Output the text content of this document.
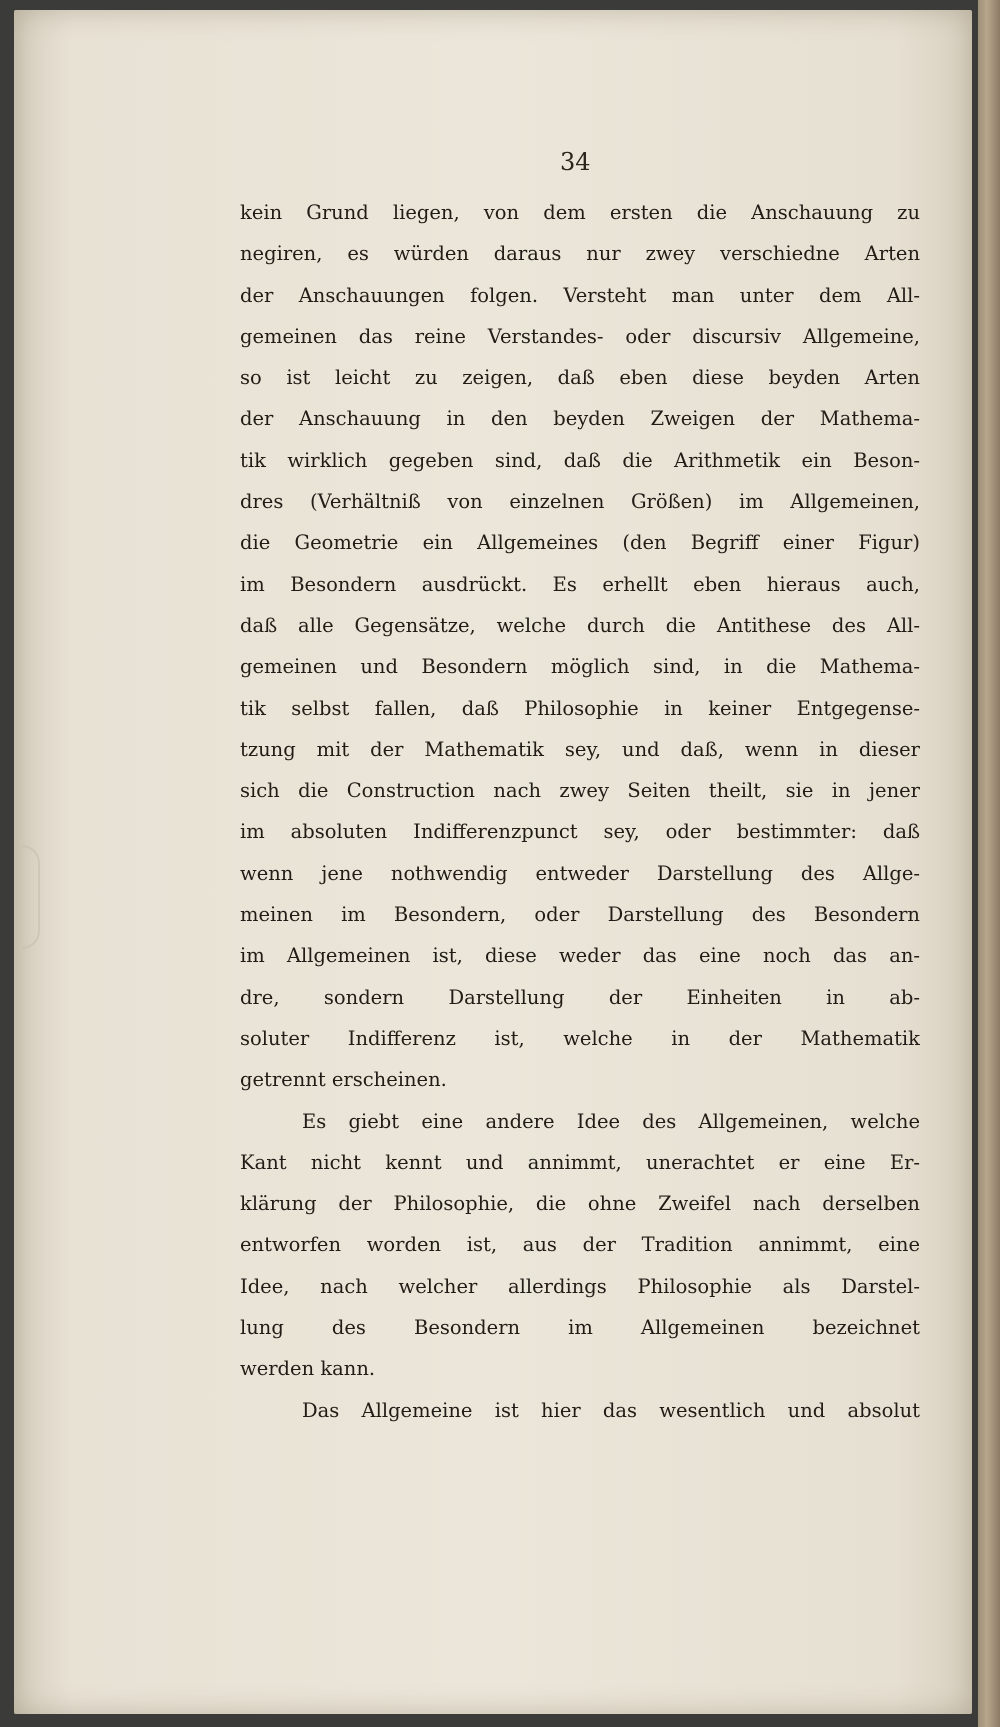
34
kein Grund liegen, von dem ersten die Anschauung zu
negiren, es würden daraus nur zwey verschiedne Arten
der Anschauungen folgen. Versteht man unter dem All-
gemeinen das reine Verstandes- oder discursiv Allgemeine,
so ist leicht zu zeigen, daß eben diese beyden Arten
der Anschauung in den beyden Zweigen der Mathema-
tik wirklich gegeben sind, daß die Arithmetik ein Beson-
dres (Verhältniß von einzelnen Größen) im Allgemeinen,
die Geometrie ein Allgemeines (den Begriff einer Figur)
im Besondern ausdrückt. Es erhellt eben hieraus auch,
daß alle Gegensätze, welche durch die Antithese des All-
gemeinen und Besondern möglich sind, in die Mathema-
tik selbst fallen, daß Philosophie in keiner Entgegense-
tzung mit der Mathematik sey, und daß, wenn in dieser
sich die Construction nach zwey Seiten theilt, sie in jener
im absoluten Indifferenzpunct sey, oder bestimmter: daß
wenn jene nothwendig entweder Darstellung des Allge-
meinen im Besondern, oder Darstellung des Besondern
im Allgemeinen ist, diese weder das eine noch das an-
dre, sondern Darstellung der Einheiten in ab-
soluter Indifferenz ist, welche in der Mathematik
getrennt erscheinen.
Es giebt eine andere Idee des Allgemeinen, welche
Kant nicht kennt und annimmt, unerachtet er eine Er-
klärung der Philosophie, die ohne Zweifel nach derselben
entworfen worden ist, aus der Tradition annimmt, eine
Idee, nach welcher allerdings Philosophie als Darstel-
lung des Besondern im Allgemeinen bezeichnet
werden kann.
Das Allgemeine ist hier das wesentlich und absolut
